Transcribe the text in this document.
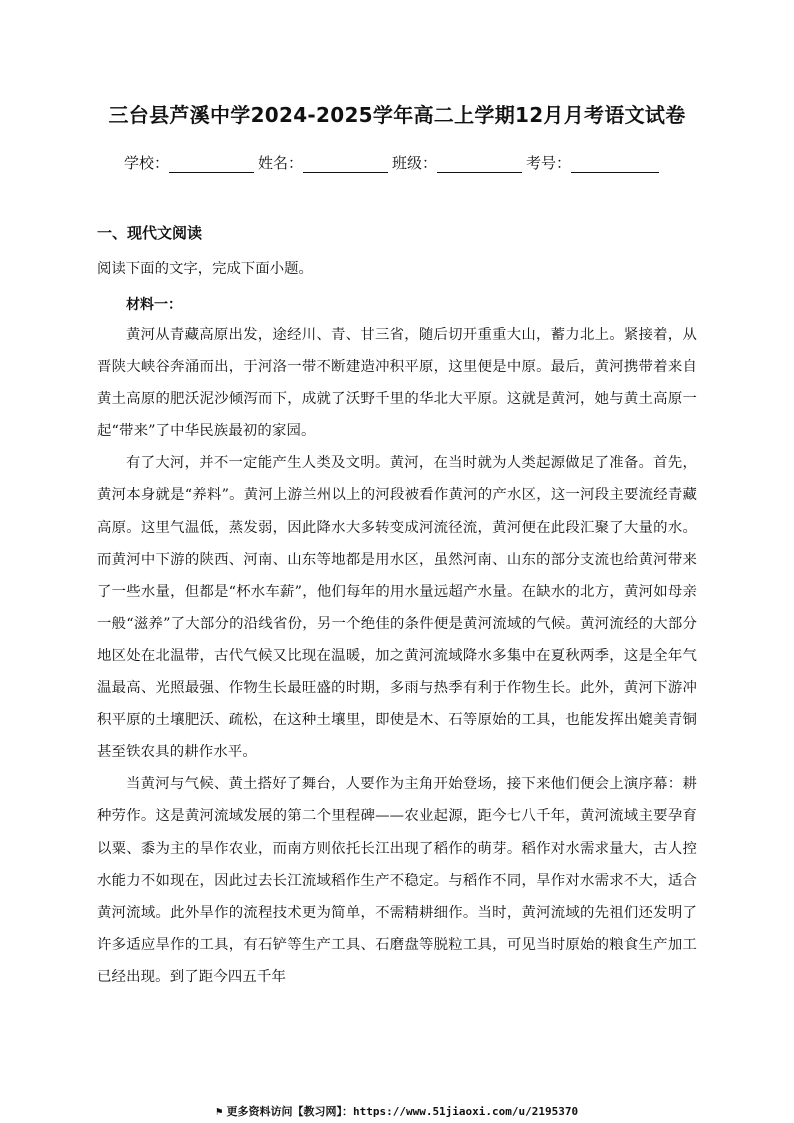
三台县芦溪中学2024-2025学年高二上学期12月月考语文试卷
学校：	姓名：	班级：	考号：
一、现代文阅读

阅读下面的文字，完成下面小题。

材料一：

黄河从青藏高原出发，途经川、青、甘三省，随后切开重重大山，蓄力北上。紧接着，从晋陕大峡谷奔涌而出，于河洛一带不断建造冲积平原，这里便是中原。最后，黄河携带着来自黄土高原的肥沃泥沙倾泻而下，成就了沃野千里的华北大平原。这就是黄河，她与黄土高原一起“带来”了中华民族最初的家园。

有了大河，并不一定能产生人类及文明。黄河，在当时就为人类起源做足了准备。首先，黄河本身就是“养料”。黄河上游兰州以上的河段被看作黄河的产水区，这一河段主要流经青藏高原。这里气温低，蒸发弱，因此降水大多转变成河流径流，黄河便在此段汇聚了大量的水。而黄河中下游的陕西、河南、山东等地都是用水区，虽然河南、山东的部分支流也给黄河带来了一些水量，但都是“杯水车薪”，他们每年的用水量远超产水量。在缺水的北方，黄河如母亲一般“滋养”了大部分的沿线省份，另一个绝佳的条件便是黄河流域的气候。黄河流经的大部分地区处在北温带，古代气候又比现在温暖，加之黄河流域降水多集中在夏秋两季，这是全年气温最高、光照最强、作物生长最旺盛的时期，多雨与热季有利于作物生长。此外，黄河下游冲积平原的土壤肥沃、疏松，在这种土壤里，即使是木、石等原始的工具，也能发挥出媲美青铜甚至铁农具的耕作水平。

当黄河与气候、黄土搭好了舞台，人要作为主角开始登场，接下来他们便会上演序幕：耕种劳作。这是黄河流域发展的第二个里程碑——农业起源，距今七八千年，黄河流域主要孕育以粟、黍为主的旱作农业，而南方则依托长江出现了稻作的萌芽。稻作对水需求量大，古人控水能力不如现在，因此过去长江流域稻作生产不稳定。与稻作不同，旱作对水需求不大，适合黄河流域。此外旱作的流程技术更为简单，不需精耕细作。当时，黄河流域的先祖们还发明了许多适应旱作的工具，有石铲等生产工具、石磨盘等脱粒工具，可见当时原始的粮食生产加工已经出现。到了距今四五千年

⚑ 更多资料访问【教习网】：https://www.51jiaoxi.com/u/2195370
